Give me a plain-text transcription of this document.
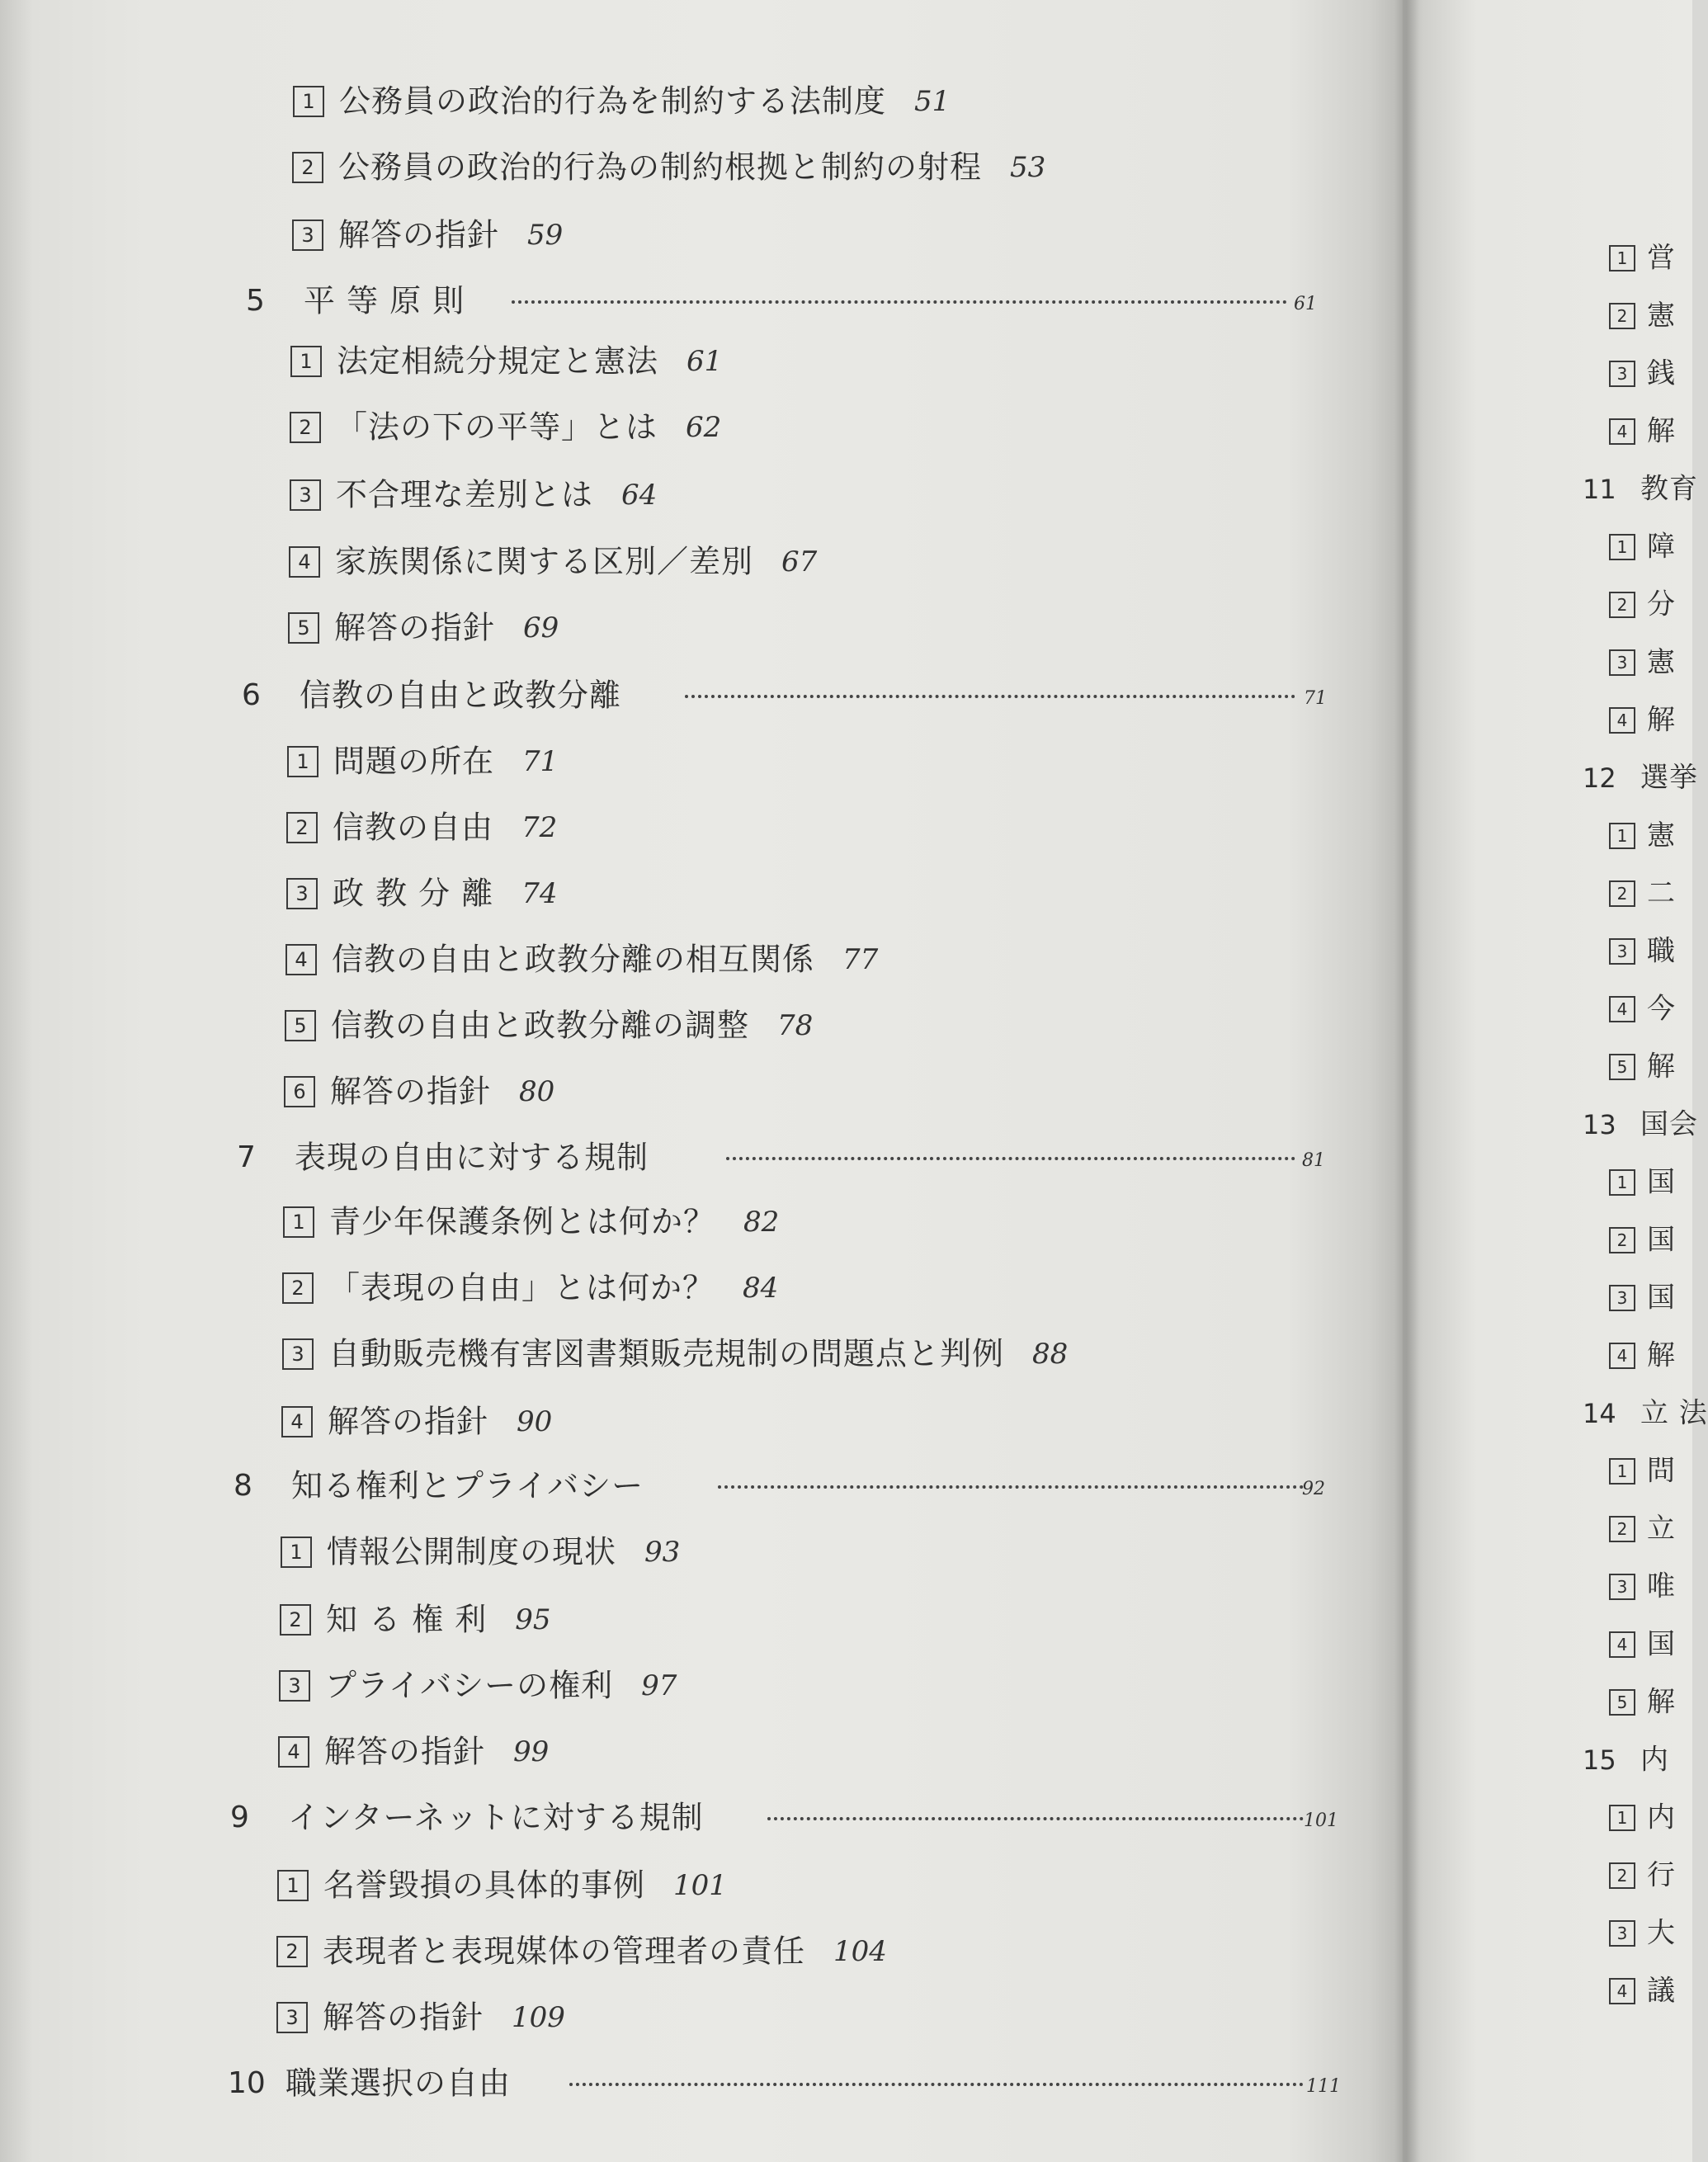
1 公務員の政治的行為を制約する法制度 51
2 公務員の政治的行為の制約根拠と制約の射程 53
3 解答の指針 59
5 平 等 原 則	61
1 法定相続分規定と憲法 61
2 「法の下の平等」とは 62
3 不合理な差別とは 64
4 家族関係に関する区別／差別 67
5 解答の指針 69
6 信教の自由と政教分離	71
1 問題の所在 71
2 信教の自由 72
3 政 教 分 離 74
4 信教の自由と政教分離の相互関係 77
5 信教の自由と政教分離の調整 78
6 解答の指針 80
7 表現の自由に対する規制	81
1 青少年保護条例とは何か？ 82
2 「表現の自由」とは何か？ 84
3 自動販売機有害図書類販売規制の問題点と判例 88
4 解答の指針 90
8 知る権利とプライバシー	92
1 情報公開制度の現状 93
2 知 る 権 利 95
3 プライバシーの権利 97
4 解答の指針 99
9 インターネットに対する規制	101
1 名誉毀損の具体的事例 101
2 表現者と表現媒体の管理者の責任 104
3 解答の指針 109
10 職業選択の自由	111
1 営
2 憲
3 銭
4 解
11 教育
1 障
2 分
3 憲
4 解
12 選挙
1 憲
2 二
3 職
4 今
5 解
13 国会
1 国
2 国
3 国
4 解
14 立 法
1 問
2 立
3 唯
4 国
5 解
15 内
1 内
2 行
3 大
4 議
